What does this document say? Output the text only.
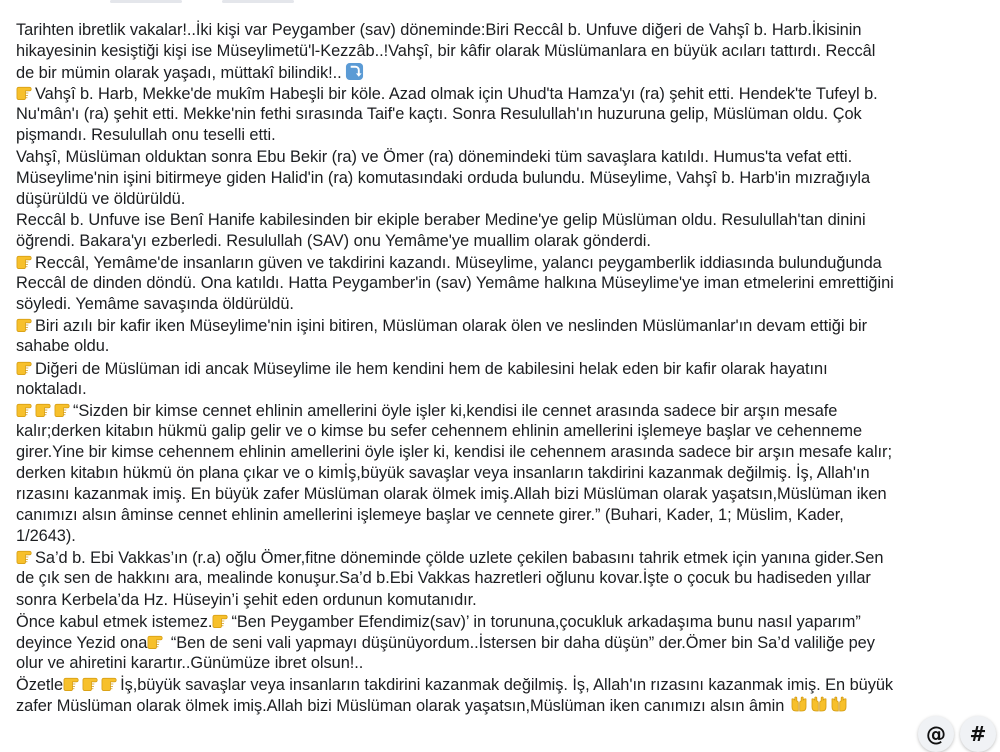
Tarihten ibretlik vakalar!..İki kişi var Peygamber (sav) döneminde:Biri Reccâl b. Unfuve diğeri de Vahşî b. Harb.İkisinin
hikayesinin kesiştiği kişi ise Müseylimetü'l-Kezzâb..!Vahşî, bir kâfir olarak Müslümanlara en büyük acıları tattırdı. Reccâl
de bir mümin olarak yaşadı, müttakî bilindik!..
Vahşî b. Harb, Mekke'de mukîm Habeşli bir köle. Azad olmak için Uhud'ta Hamza'yı (ra) şehit etti. Hendek'te Tufeyl b.
Nu'mân'ı (ra) şehit etti. Mekke'nin fethi sırasında Taif'e kaçtı. Sonra Resulullah'ın huzuruna gelip, Müslüman oldu. Çok
pişmandı. Resulullah onu teselli etti.
Vahşî, Müslüman olduktan sonra Ebu Bekir (ra) ve Ömer (ra) dönemindeki tüm savaşlara katıldı. Humus'ta vefat etti.
Müseylime'nin işini bitirmeye giden Halid'in (ra) komutasındaki orduda bulundu. Müseylime, Vahşî b. Harb'in mızrağıyla
düşürüldü ve öldürüldü.
Reccâl b. Unfuve ise Benî Hanife kabilesinden bir ekiple beraber Medine'ye gelip Müslüman oldu. Resulullah'tan dinini
öğrendi. Bakara'yı ezberledi. Resulullah (SAV) onu Yemâme'ye muallim olarak gönderdi.
Reccâl, Yemâme'de insanların güven ve takdirini kazandı. Müseylime, yalancı peygamberlik iddiasında bulunduğunda
Reccâl de dinden döndü. Ona katıldı. Hatta Peygamber'in (sav) Yemâme halkına Müseylime'ye iman etmelerini emrettiğini
söyledi. Yemâme savaşında öldürüldü.
Biri azılı bir kafir iken Müseylime'nin işini bitiren, Müslüman olarak ölen ve neslinden Müslümanlar'ın devam ettiği bir
sahabe oldu.
Diğeri de Müslüman idi ancak Müseylime ile hem kendini hem de kabilesini helak eden bir kafir olarak hayatını
noktaladı.
“Sizden bir kimse cennet ehlinin amellerini öyle işler ki,kendisi ile cennet arasında sadece bir arşın mesafe
kalır;derken kitabın hükmü galip gelir ve o kimse bu sefer cehennem ehlinin amellerini işlemeye başlar ve cehenneme
girer.Yine bir kimse cehennem ehlinin amellerini öyle işler ki, kendisi ile cehennem arasında sadece bir arşın mesafe kalır;
derken kitabın hükmü ön plana çıkar ve o kimİş,büyük savaşlar veya insanların takdirini kazanmak değilmiş. İş, Allah'ın
rızasını kazanmak imiş. En büyük zafer Müslüman olarak ölmek imiş.Allah bizi Müslüman olarak yaşatsın,Müslüman iken
canımızı alsın âminse cennet ehlinin amellerini işlemeye başlar ve cennete girer.” (Buhari, Kader, 1; Müslim, Kader,
1/2643).
Sa’d b. Ebi Vakkas’ın (r.a) oğlu Ömer,fitne döneminde çölde uzlete çekilen babasını tahrik etmek için yanına gider.Sen
de çık sen de hakkını ara, mealinde konuşur.Sa’d b.Ebi Vakkas hazretleri oğlunu kovar.İşte o çocuk bu hadiseden yıllar
sonra Kerbela’da Hz. Hüseyin’i şehit eden ordunun komutanıdır.
Önce kabul etmek istemez. “Ben Peygamber Efendimiz(sav)’ in torununa,çocukluk arkadaşıma bunu nasıl yaparım”
deyince Yezid ona
“Ben de seni vali yapmayı düşünüyordum..İstersen bir daha düşün” der.Ömer bin Sa’d valiliğe pey
olur ve ahiretini karartır..Günümüze ibret olsun!..
Özetle	İş,büyük savaşlar veya insanların takdirini kazanmak değilmiş. İş, Allah'ın rızasını kazanmak imiş. En büyük
zafer Müslüman olarak ölmek imiş.Allah bizi Müslüman olarak yaşatsın,Müslüman iken canımızı alsın âmin
@	#
